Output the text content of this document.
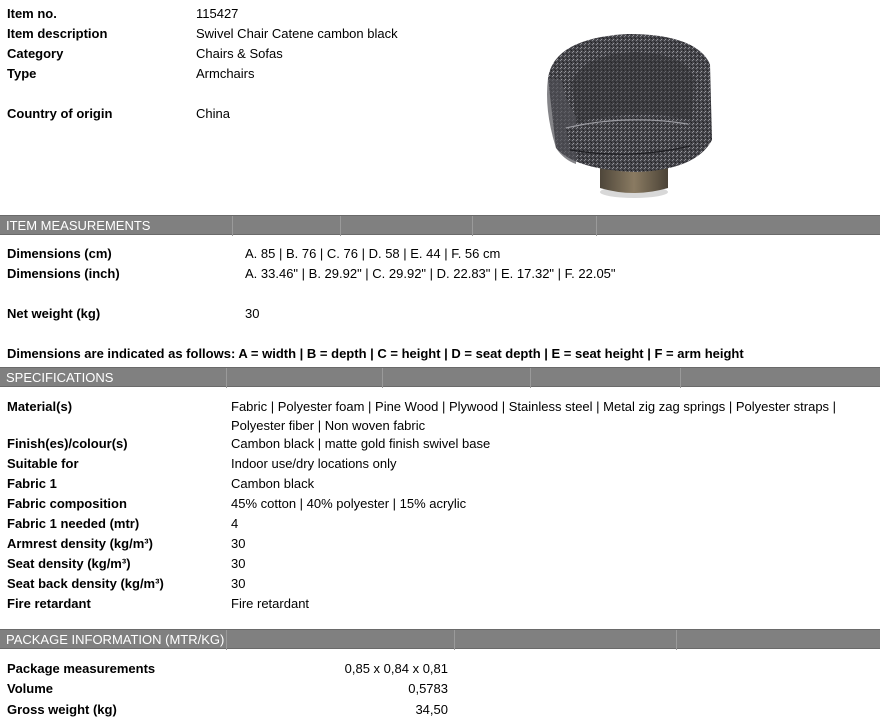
Item no.	115427
Item description	Swivel Chair Catene cambon black
Category	Chairs & Sofas
Type	Armchairs
Country of origin	China
ITEM MEASUREMENTS
Dimensions (cm)	A. 85 | B. 76 | C. 76 | D. 58 | E. 44 | F. 56 cm
Dimensions (inch)	A. 33.46" | B. 29.92" | C. 29.92" | D. 22.83" | E. 17.32" | F. 22.05"
Net weight (kg)	30
Dimensions are indicated as follows: A = width | B = depth | C = height | D = seat depth | E = seat height | F = arm height
SPECIFICATIONS
Material(s)	Fabric | Polyester foam | Pine Wood | Plywood | Stainless steel | Metal zig zag springs | Polyester straps |
Polyester fiber | Non woven fabric
Finish(es)/colour(s)	Cambon black | matte gold finish swivel base
Suitable for	Indoor use/dry locations only
Fabric 1	Cambon black
Fabric composition	45% cotton | 40% polyester | 15% acrylic
Fabric 1 needed (mtr)	4
Armrest density (kg/m³)	30
Seat density (kg/m³)	30
Seat back density (kg/m³)	30
Fire retardant	Fire retardant
PACKAGE INFORMATION (MTR/KG)
Package measurements	0,85 x 0,84 x 0,81
Volume	0,5783
Gross weight (kg)	34,50
